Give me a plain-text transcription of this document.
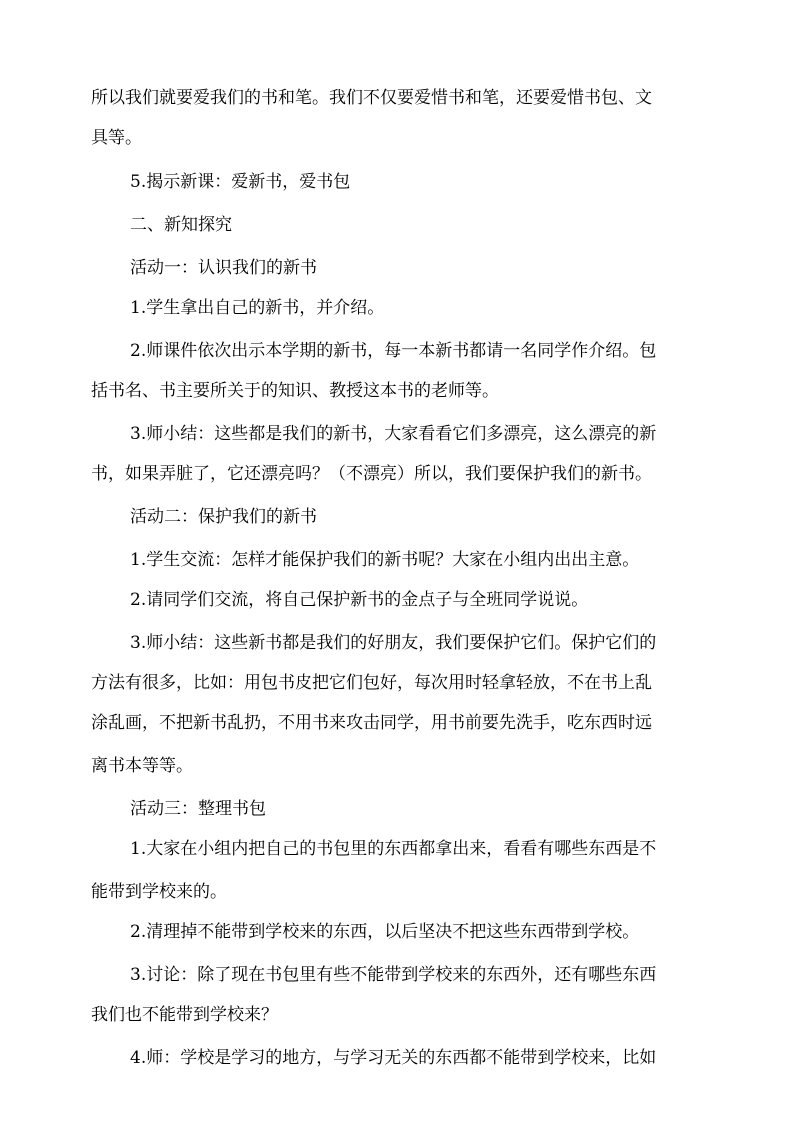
所以我们就要爱我们的书和笔。我们不仅要爱惜书和笔，还要爱惜书包、文
具等。
5.揭示新课：爱新书，爱书包
二、新知探究
活动一：认识我们的新书
1.学生拿出自己的新书，并介绍。
2.师课件依次出示本学期的新书，每一本新书都请一名同学作介绍。包
括书名、书主要所关于的知识、教授这本书的老师等。
3.师小结：这些都是我们的新书，大家看看它们多漂亮，这么漂亮的新
书，如果弄脏了，它还漂亮吗？（不漂亮）所以，我们要保护我们的新书。
活动二：保护我们的新书
1.学生交流：怎样才能保护我们的新书呢？大家在小组内出出主意。
2.请同学们交流，将自己保护新书的金点子与全班同学说说。
3.师小结：这些新书都是我们的好朋友，我们要保护它们。保护它们的
方法有很多，比如：用包书皮把它们包好，每次用时轻拿轻放，不在书上乱
涂乱画，不把新书乱扔，不用书来攻击同学，用书前要先洗手，吃东西时远
离书本等等。
活动三：整理书包
1.大家在小组内把自己的书包里的东西都拿出来，看看有哪些东西是不
能带到学校来的。
2.清理掉不能带到学校来的东西，以后坚决不把这些东西带到学校。
3.讨论：除了现在书包里有些不能带到学校来的东西外，还有哪些东西
我们也不能带到学校来？
4.师：学校是学习的地方，与学习无关的东西都不能带到学校来，比如
